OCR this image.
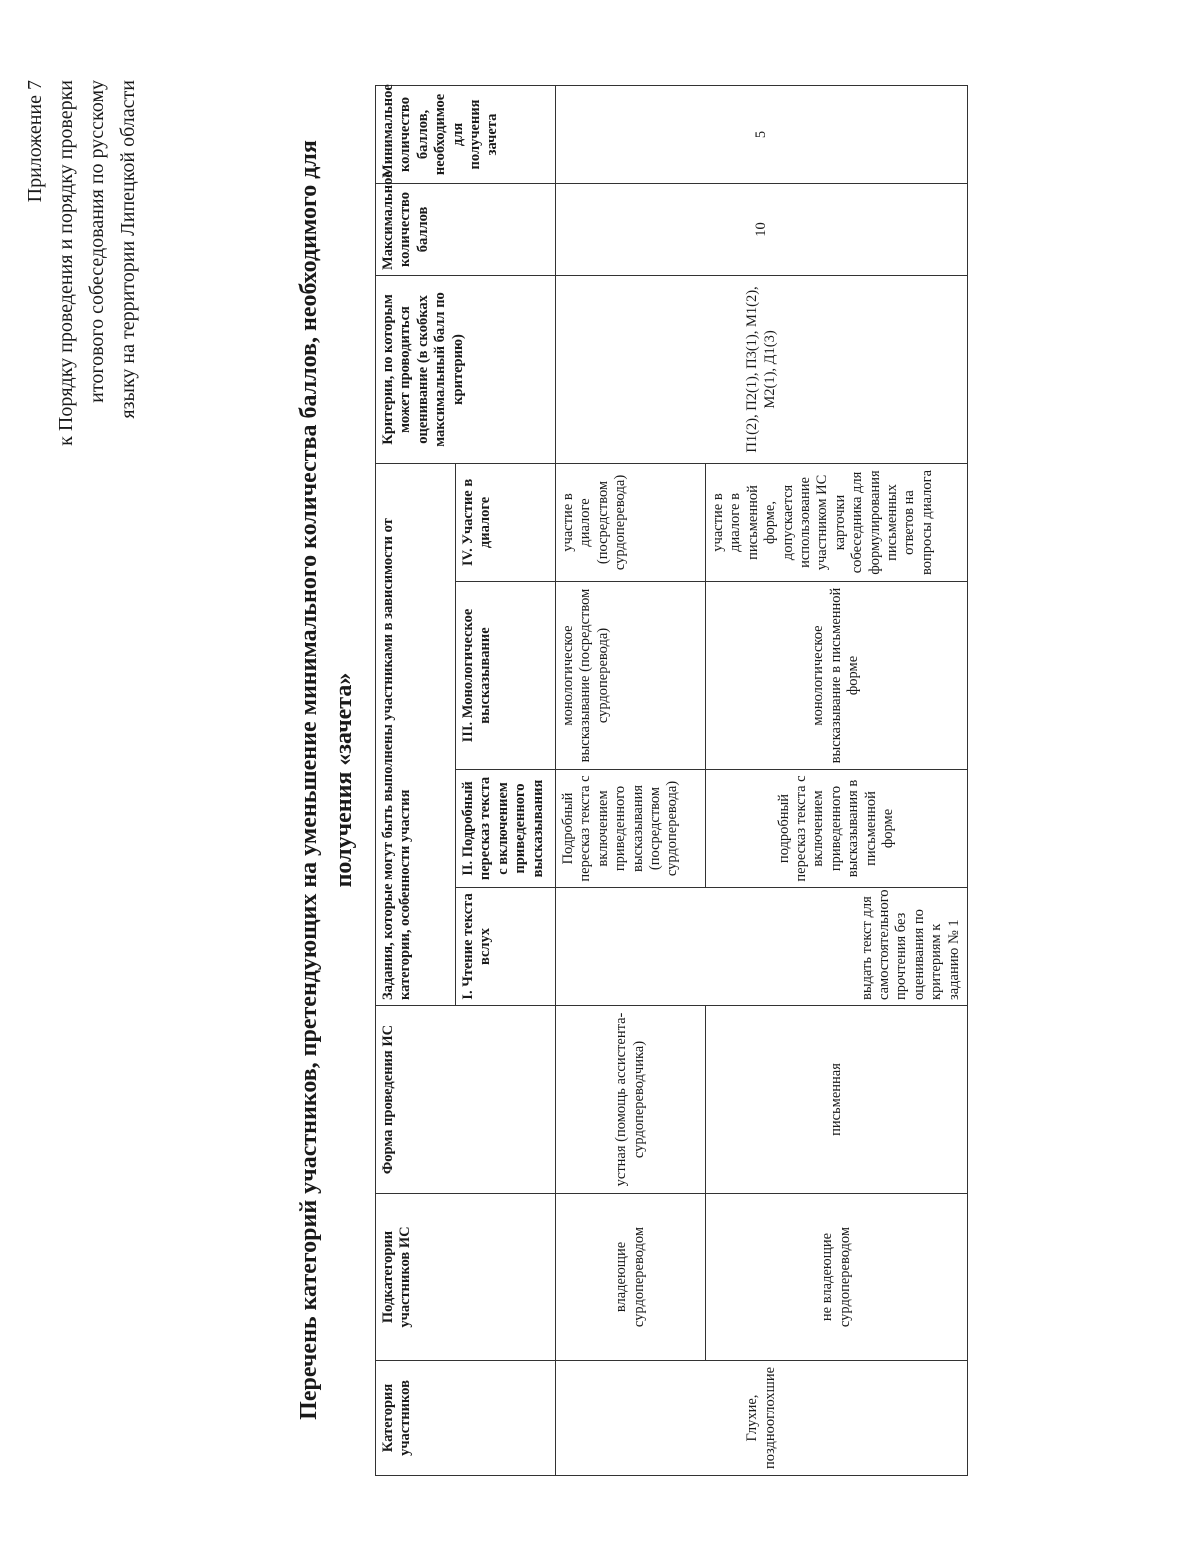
Приложение 7 к Порядку проведения и порядку проверки итогового собеседования по русскому языку на территории Липецкой области	Перечень категорий участников, претендующих на уменьшение минимального количества баллов, необходимого для получения «зачета»
Категория участников	Подкатегории участников ИС	Форма проведения ИС	Задания, которые могут быть выполнены участниками в зависимости от категории, особенности участия				Критерии, по которым может проводиться оценивание (в скобках максимальный балл по критерию)	Максимальное количество баллов	Минимальное количество баллов, необходимое для получения зачета
			I. Чтение текста вслух	II. Подробный пересказ текста с включением приведенного высказывания	III. Монологическое высказывание	IV. Участие в диалоге			
Глухие, позднооглохшие	владеющие сурдопереводом	устная (помощь ассистента-сурдопереводчика)	выдать текст для самостоятельного прочтения без оценивания по критериям к заданию № 1	Подробный пересказ текста с включением приведенного высказывания (посредством сурдоперевода)	монологическое высказывание (посредством сурдоперевода)	участие в диалоге (посредством сурдоперевода)	П1(2), П2(1), П3(1), М1(2), М2(1), Д1(3)	10	5
	не владеющие сурдопереводом	письменная		подробный пересказ текста с включением приведенного высказывания в письменной форме	монологическое высказывание в письменной форме	участие в диалоге в письменной форме, допускается использование участником ИС карточки собеседника для формулирования письменных ответов на вопросы диалога			
